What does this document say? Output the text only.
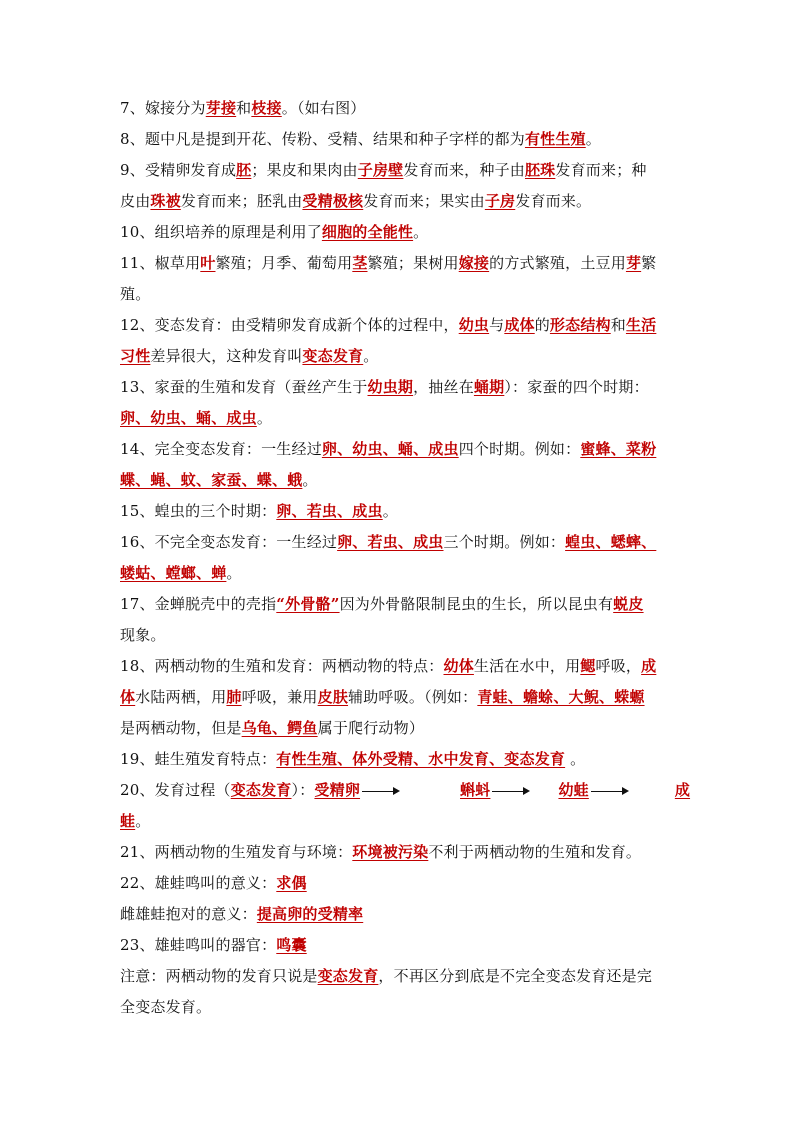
7、嫁接分为芽接和枝接。（如右图）
8、题中凡是提到开花、传粉、受精、结果和种子字样的都为有性生殖。
9、受精卵发育成胚；果皮和果肉由子房壁发育而来，种子由胚珠发育而来；种
皮由珠被发育而来；胚乳由受精极核发育而来；果实由子房发育而来。
10、组织培养的原理是利用了细胞的全能性。
11、椒草用叶繁殖；月季、葡萄用茎繁殖；果树用嫁接的方式繁殖，土豆用芽繁
殖。
12、变态发育：由受精卵发育成新个体的过程中，幼虫与成体的形态结构和生活
习性差异很大，这种发育叫变态发育。
13、家蚕的生殖和发育（蚕丝产生于幼虫期，抽丝在蛹期）：家蚕的四个时期：
卵、幼虫、蛹、成虫。
14、完全变态发育：一生经过卵、幼虫、蛹、成虫四个时期。例如：蜜蜂、菜粉
蝶、蝇、蚊、家蚕、蝶、蛾。
15、蝗虫的三个时期：卵、若虫、成虫。
16、不完全变态发育：一生经过卵、若虫、成虫三个时期。例如：蝗虫、蟋蟀、
蝼蛄、螳螂、蝉。
17、金蝉脱壳中的壳指“外骨骼”因为外骨骼限制昆虫的生长，所以昆虫有蜕皮
现象。
18、两栖动物的生殖和发育：两栖动物的特点：幼体生活在水中，用鳃呼吸，成
体水陆两栖，用肺呼吸，兼用皮肤辅助呼吸。（例如：青蛙、蟾蜍、大鲵、蝾螈
是两栖动物，但是乌龟、鳄鱼属于爬行动物）
19、蛙生殖发育特点：有性生殖、体外受精、水中发育、变态发育 。
20、发育过程（变态发育）：受精卵	蝌蚪	幼蛙	成
蛙。
21、两栖动物的生殖发育与环境：环境被污染不利于两栖动物的生殖和发育。
22、雄蛙鸣叫的意义：求偶
雌雄蛙抱对的意义：提高卵的受精率
23、雄蛙鸣叫的器官：鸣囊
注意：两栖动物的发育只说是变态发育，不再区分到底是不完全变态发育还是完
全变态发育。
